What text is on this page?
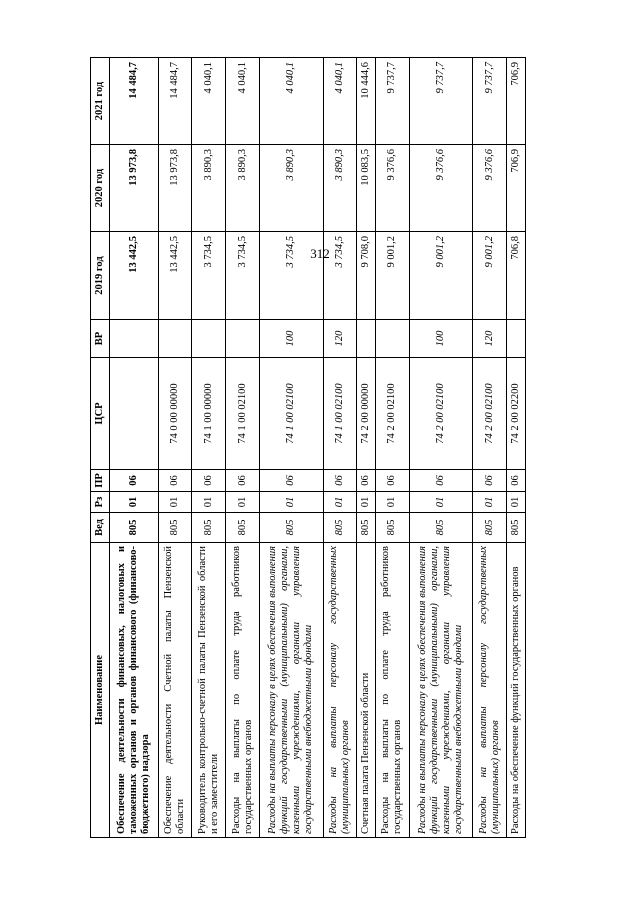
312
Наименование	Вед	Рз	ПР	ЦСР	ВР	2019 год	2020 год	2021 год
Обеспечение деятельности финансовых, налоговых и таможенных органов и органов финансового (финансово-бюджетного) надзора	805	01	06			13 442,5	13 973,8	14 484,7
Обеспечение деятельности Счетной палаты Пензенской области	805	01	06	74 0 00 00000		13 442,5	13 973,8	14 484,7
Руководитель контрольно-счетной палаты Пензенской области и его заместители	805	01	06	74 1 00 00000		3 734,5	3 890,3	4 040,1
Расходы на выплаты по оплате труда работников государственных органов	805	01	06	74 1 00 02100		3 734,5	3 890,3	4 040,1
Расходы на выплаты персоналу в целях обеспечения выполнения функций государственными (муниципальными) органами, казенными учреждениями, органами управления государственными внебюджетными фондами	805	01	06	74 1 00 02100	100	3 734,5	3 890,3	4 040,1
Расходы на выплаты персоналу государственных (муниципальных) органов	805	01	06	74 1 00 02100	120	3 734,5	3 890,3	4 040,1
Счетная палата Пензенской области	805	01	06	74 2 00 00000		9 708,0	10 083,5	10 444,6
Расходы на выплаты по оплате труда работников государственных органов	805	01	06	74 2 00 02100		9 001,2	9 376,6	9 737,7
Расходы на выплаты персоналу в целях обеспечения выполнения функций государственными (муниципальными) органами, казенными учреждениями, органами управления государственными внебюджетными фондами	805	01	06	74 2 00 02100	100	9 001,2	9 376,6	9 737,7
Расходы на выплаты персоналу государственных (муниципальных) органов	805	01	06	74 2 00 02100	120	9 001,2	9 376,6	9 737,7
Расходы на обеспечение функций государственных органов	805	01	06	74 2 00 02200		706,8	706,9	706,9
